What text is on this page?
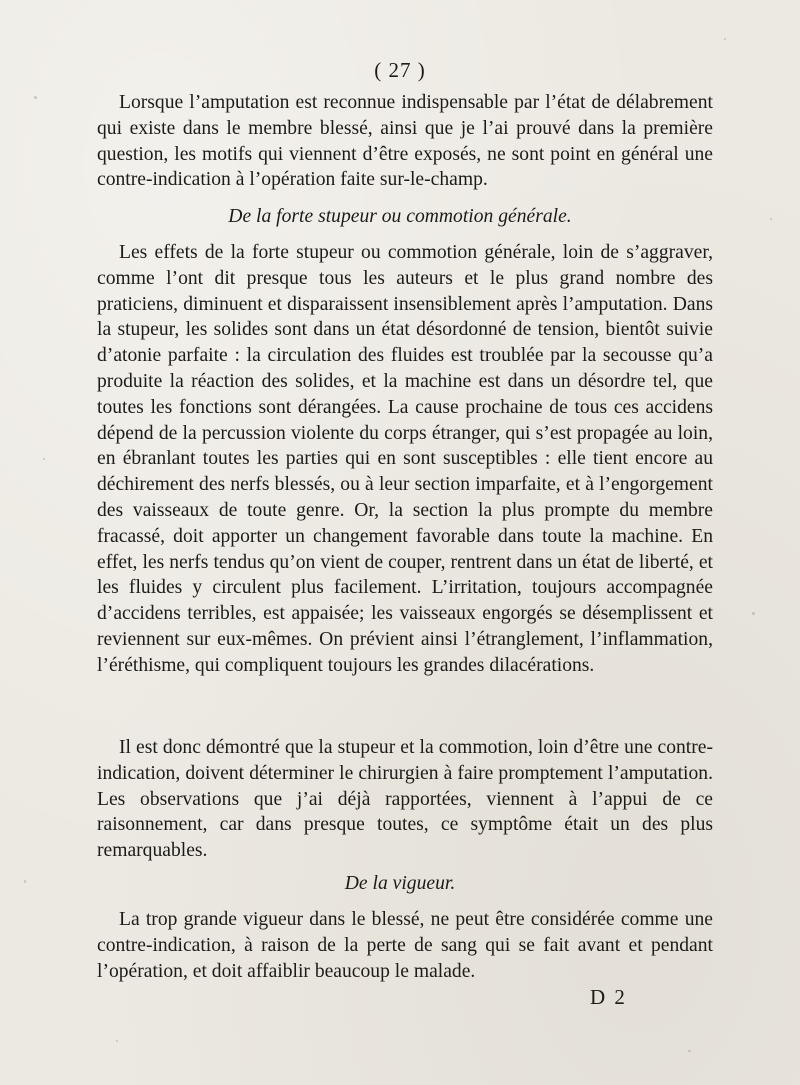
( 27 )

Lorsque l’amputation est reconnue indispensable par l’état de délabrement qui existe dans le membre blessé, ainsi que je l’ai prouvé dans la première question, les motifs qui viennent d’être exposés, ne sont point en général une contre-indication à l’opération faite sur-le-champ.

De la forte stupeur ou commotion générale.

Les effets de la forte stupeur ou commotion générale, loin de s’aggraver, comme l’ont dit presque tous les auteurs et le plus grand nombre des praticiens, diminuent et disparaissent insensiblement après l’amputation. Dans la stupeur, les solides sont dans un état désordonné de tension, bientôt suivie d’atonie parfaite : la circulation des fluides est troublée par la secousse qu’a produite la réaction des solides, et la machine est dans un désordre tel, que toutes les fonctions sont dérangées. La cause prochaine de tous ces accidens dépend de la percussion violente du corps étranger, qui s’est propagée au loin, en ébranlant toutes les parties qui en sont susceptibles : elle tient encore au déchirement des nerfs blessés, ou à leur section imparfaite, et à l’engorgement des vaisseaux de toute genre. Or, la section la plus prompte du membre fracassé, doit apporter un changement favorable dans toute la machine. En effet, les nerfs tendus qu’on vient de couper, rentrent dans un état de liberté, et les fluides y circulent plus facilement. L’irritation, toujours accompagnée d’accidens terribles, est appaisée; les vaisseaux engorgés se désemplissent et reviennent sur eux-mêmes. On prévient ainsi l’étranglement, l’inflammation, l’éréthisme, qui compliquent toujours les grandes dilacérations.

Il est donc démontré que la stupeur et la commotion, loin d’être une contre-indication, doivent déterminer le chirurgien à faire promptement l’amputation. Les observations que j’ai déjà rapportées, viennent à l’appui de ce raisonnement, car dans presque toutes, ce symptôme était un des plus remarquables.

De la vigueur.

La trop grande vigueur dans le blessé, ne peut être considérée comme une contre-indication, à raison de la perte de sang qui se fait avant et pendant l’opération, et doit affaiblir beaucoup le malade.

D 2
